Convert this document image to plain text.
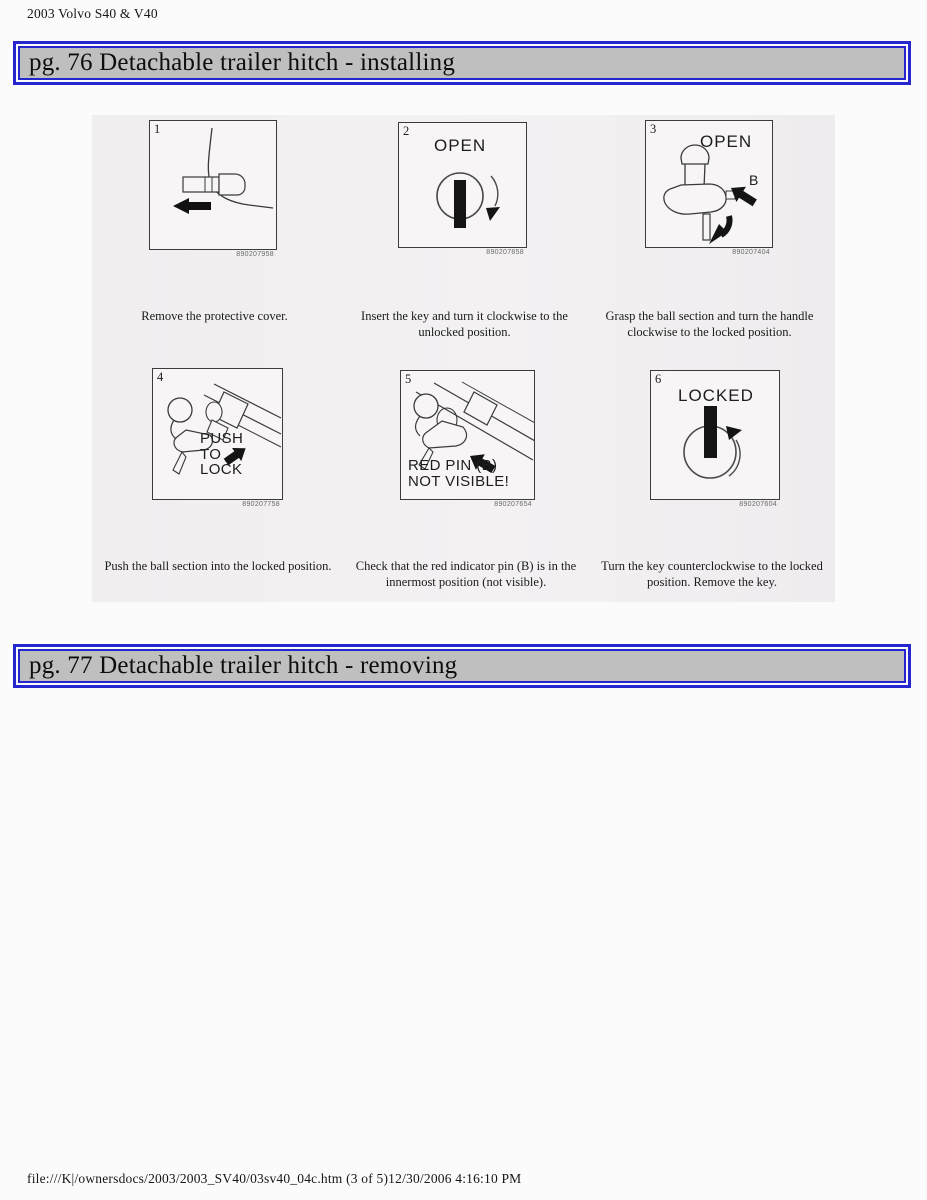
2003 Volvo S40 & V40
pg. 76 Detachable trailer hitch - installing
1
890207958
OPEN
2
890207858
OPEN
B
3
890207404
PUSH
TO
LOCK
4
890207758
RED PIN (B)
NOT VISIBLE!
5
890207654
LOCKED
6
890207604
Remove the protective cover.	Insert the key and turn it clockwise to the unlocked position.
Grasp the ball section and turn the handle clockwise to the locked position.
Push the ball section into the locked position.	Check that the red indicator pin (B) is in the innermost position (not visible).
Turn the key counterclockwise to the locked position. Remove the key.
pg. 77 Detachable trailer hitch - removing
file:///K|/ownersdocs/2003/2003_SV40/03sv40_04c.htm (3 of 5)12/30/2006 4:16:10 PM
